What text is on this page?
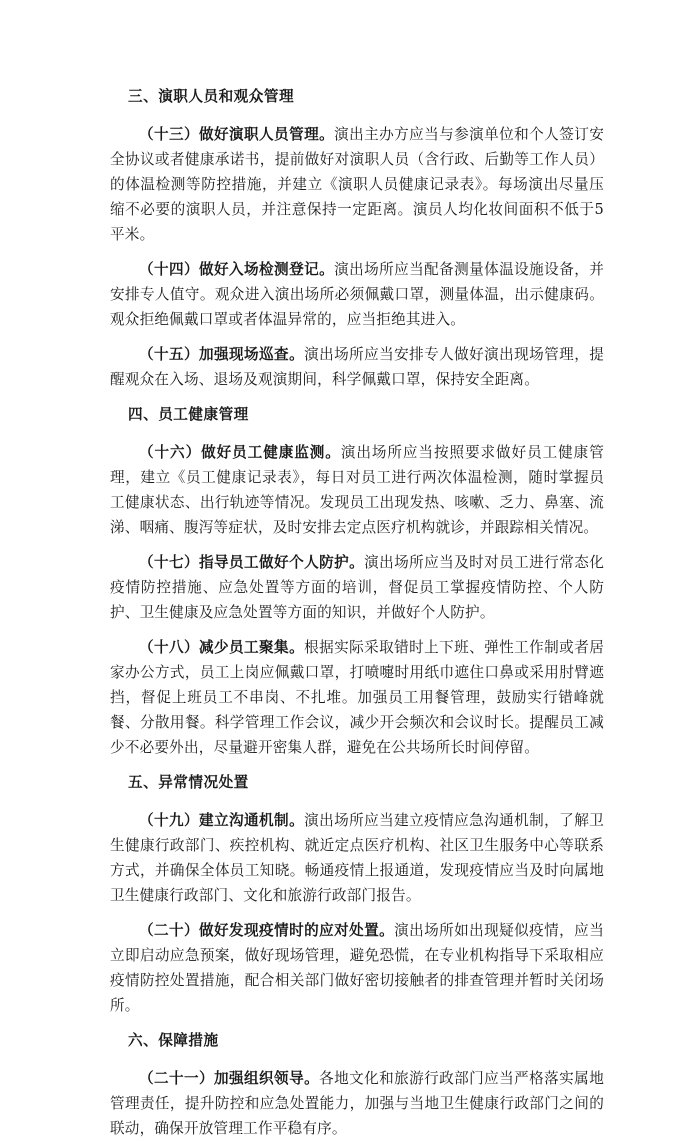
三、演职人员和观众管理

（十三）做好演职人员管理。演出主办方应当与参演单位和个人签订安全协议或者健康承诺书，提前做好对演职人员（含行政、后勤等工作人员）的体温检测等防控措施，并建立《演职人员健康记录表》。每场演出尽量压缩不必要的演职人员，并注意保持一定距离。演员人均化妆间面积不低于5平米。

（十四）做好入场检测登记。演出场所应当配备测量体温设施设备，并安排专人值守。观众进入演出场所必须佩戴口罩，测量体温，出示健康码。观众拒绝佩戴口罩或者体温异常的，应当拒绝其进入。

（十五）加强现场巡查。演出场所应当安排专人做好演出现场管理，提醒观众在入场、退场及观演期间，科学佩戴口罩，保持安全距离。

四、员工健康管理

（十六）做好员工健康监测。演出场所应当按照要求做好员工健康管理，建立《员工健康记录表》，每日对员工进行两次体温检测，随时掌握员工健康状态、出行轨迹等情况。发现员工出现发热、咳嗽、乏力、鼻塞、流涕、咽痛、腹泻等症状，及时安排去定点医疗机构就诊，并跟踪相关情况。

（十七）指导员工做好个人防护。演出场所应当及时对员工进行常态化疫情防控措施、应急处置等方面的培训，督促员工掌握疫情防控、个人防护、卫生健康及应急处置等方面的知识，并做好个人防护。

（十八）减少员工聚集。根据实际采取错时上下班、弹性工作制或者居家办公方式，员工上岗应佩戴口罩，打喷嚏时用纸巾遮住口鼻或采用肘臂遮挡，督促上班员工不串岗、不扎堆。加强员工用餐管理，鼓励实行错峰就餐、分散用餐。科学管理工作会议，减少开会频次和会议时长。提醒员工减少不必要外出，尽量避开密集人群，避免在公共场所长时间停留。

五、异常情况处置

（十九）建立沟通机制。演出场所应当建立疫情应急沟通机制，了解卫生健康行政部门、疾控机构、就近定点医疗机构、社区卫生服务中心等联系方式，并确保全体员工知晓。畅通疫情上报通道，发现疫情应当及时向属地卫生健康行政部门、文化和旅游行政部门报告。

（二十）做好发现疫情时的应对处置。演出场所如出现疑似疫情，应当立即启动应急预案，做好现场管理，避免恐慌，在专业机构指导下采取相应疫情防控处置措施，配合相关部门做好密切接触者的排查管理并暂时关闭场所。

六、保障措施

（二十一）加强组织领导。各地文化和旅游行政部门应当严格落实属地管理责任，提升防控和应急处置能力，加强与当地卫生健康行政部门之间的联动，确保开放管理工作平稳有序。
